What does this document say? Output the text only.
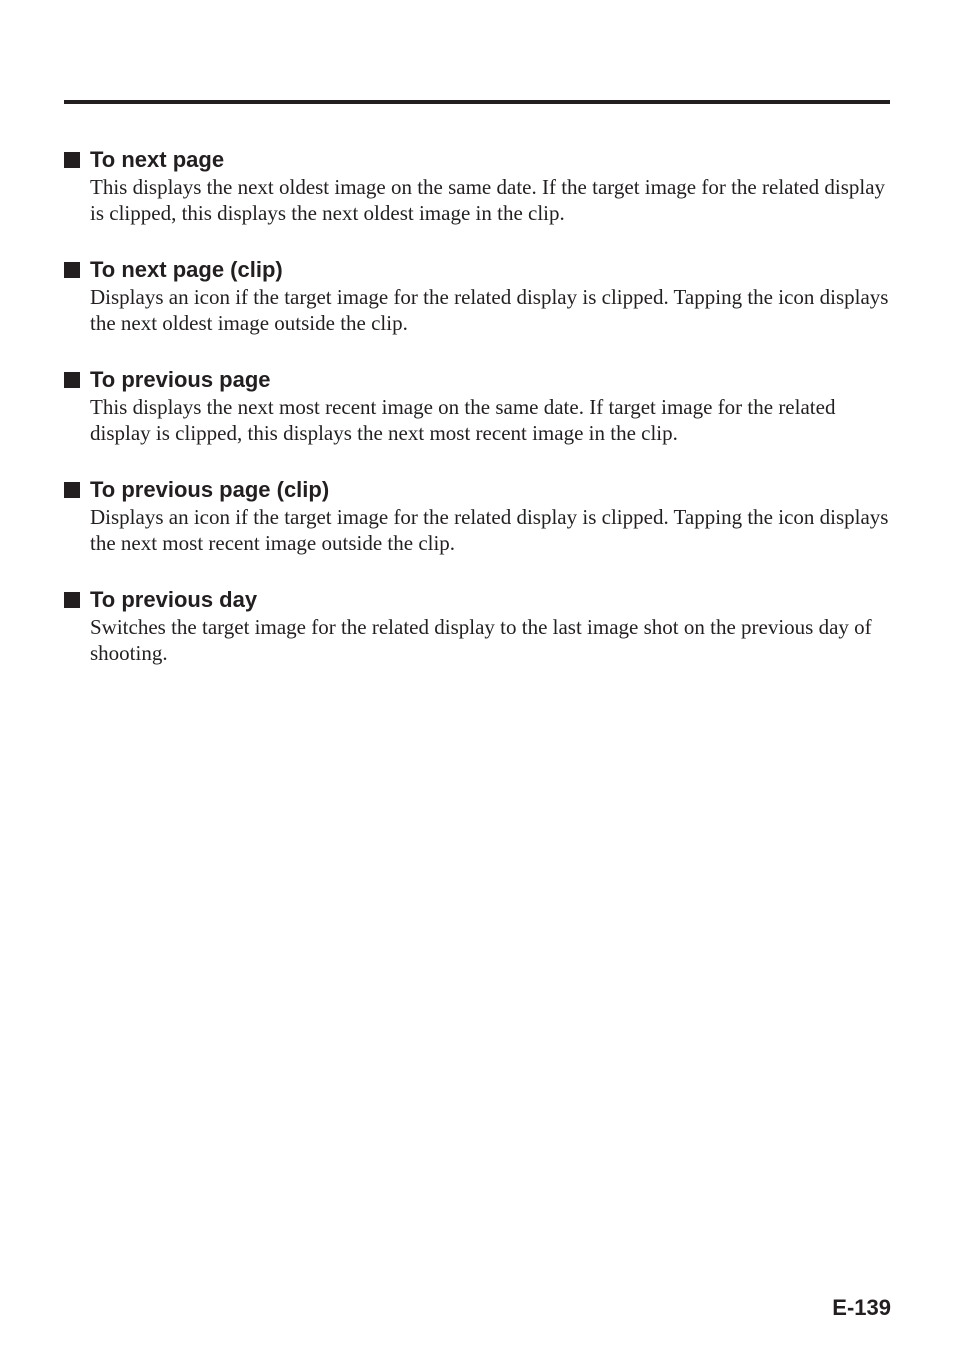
To next page

This displays the next oldest image on the same date. If the target image for the related display is clipped, this displays the next oldest image in the clip.

To next page (clip)

Displays an icon if the target image for the related display is clipped. Tapping the icon displays the next oldest image outside the clip.

To previous page

This displays the next most recent image on the same date. If target image for the related display is clipped, this displays the next most recent image in the clip.

To previous page (clip)

Displays an icon if the target image for the related display is clipped. Tapping the icon displays the next most recent image outside the clip.

To previous day

Switches the target image for the related display to the last image shot on the previous day of shooting.

E-139
